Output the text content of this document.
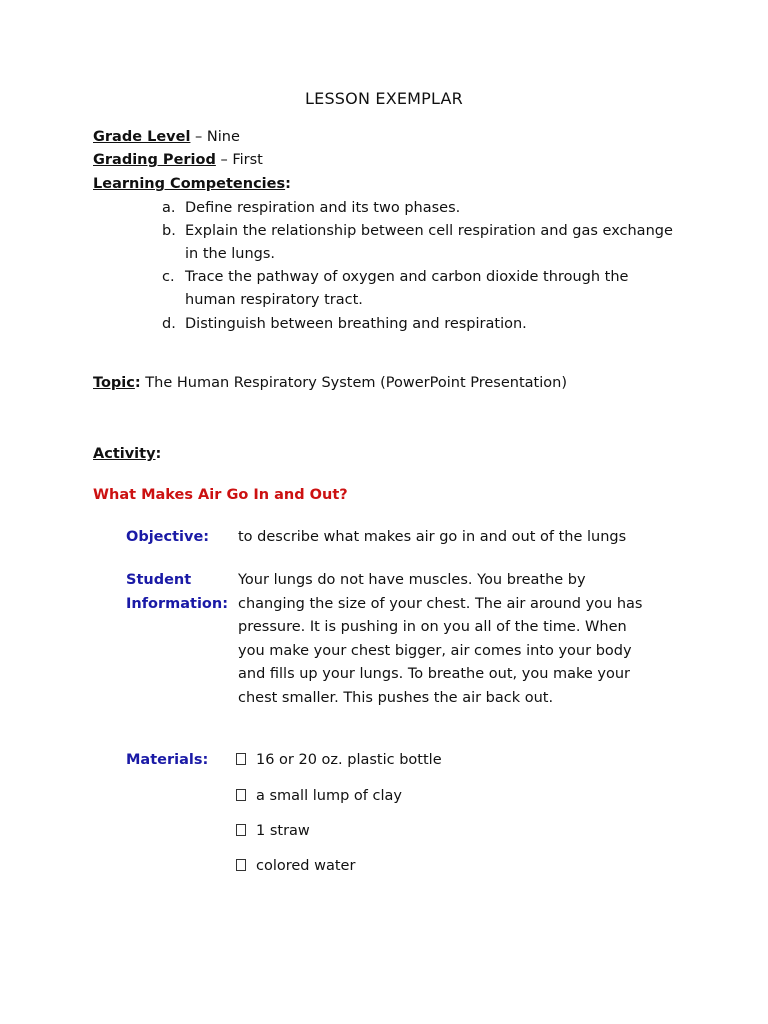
LESSON EXEMPLAR
Grade Level – Nine
Grading Period – First
Learning Competencies:
a. Define respiration and its two phases.
b. Explain the relationship between cell respiration and gas exchange
in the lungs.
c. Trace the pathway of oxygen and carbon dioxide through the
human respiratory tract.
d. Distinguish between breathing and respiration.
Topic: The Human Respiratory System (PowerPoint Presentation)
Activity:
What Makes Air Go In and Out?
Objective: to describe what makes air go in and out of the lungs
Student
Information:
Your lungs do not have muscles. You breathe by changing the size of your chest. The air around you has pressure. It is pushing in on you all of the time. When you make your chest bigger, air comes into your body and fills up your lungs. To breathe out, you make your chest smaller. This pushes the air back out.
Materials:	16 or 20 oz. plastic bottle
a small lump of clay
1 straw
colored water
